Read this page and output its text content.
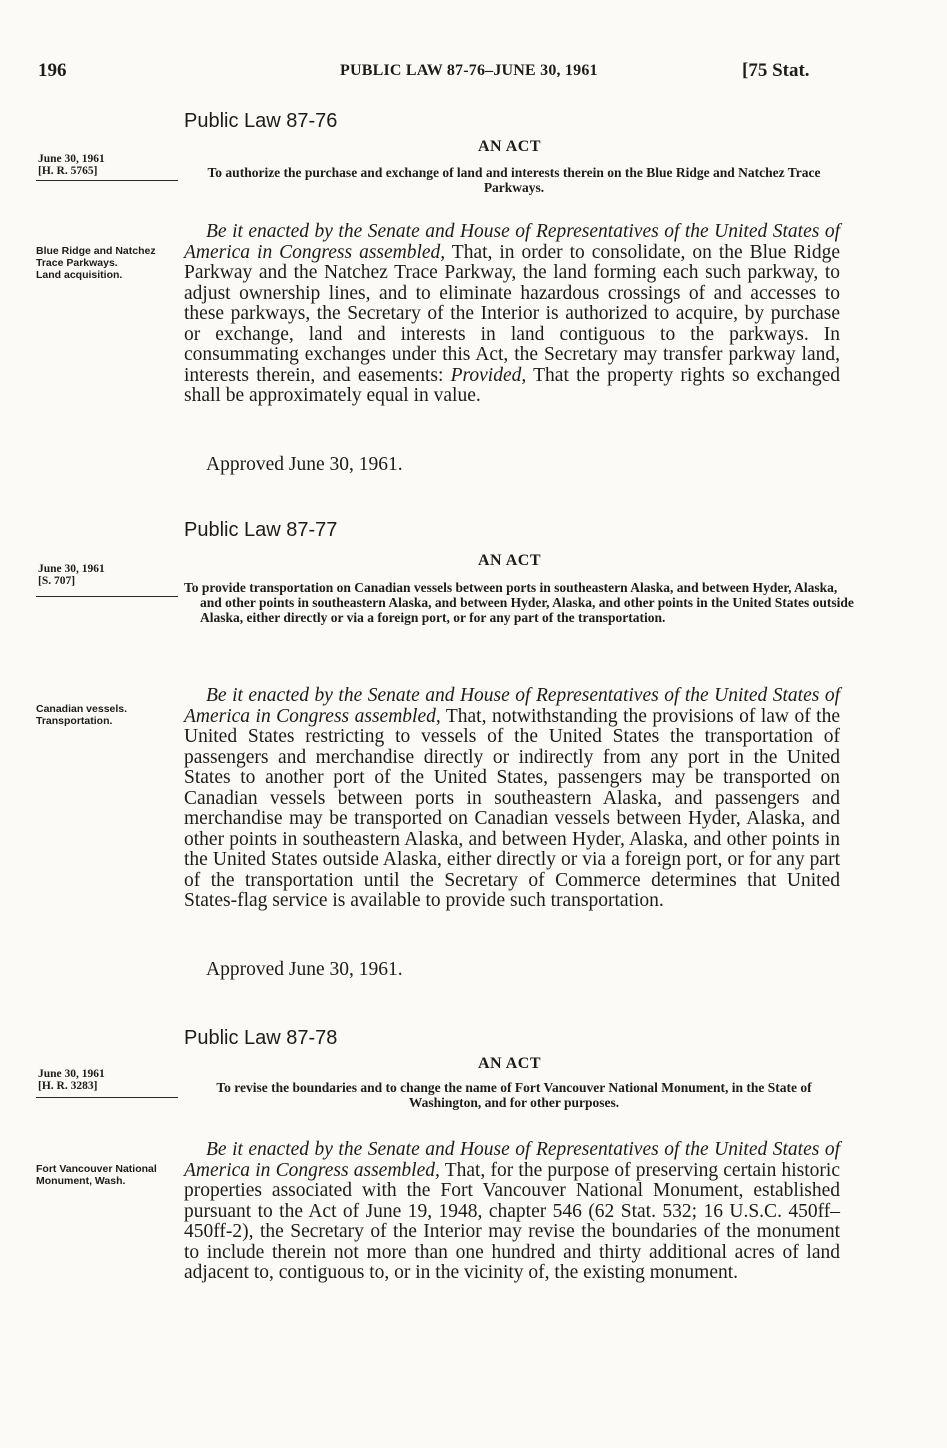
196	PUBLIC LAW 87-76–JUNE 30, 1961	[75 Stat.
Public Law 87-76
AN ACT
June 30, 1961
[H. R. 5765]	To authorize the purchase and exchange of land and interests therein on the Blue Ridge and Natchez Trace Parkways.
Blue Ridge and Natchez Trace Parkways.
Land acquisition.

Be it enacted by the Senate and House of Representatives of the United States of America in Congress assembled, That, in order to consolidate, on the Blue Ridge Parkway and the Natchez Trace Parkway, the land forming each such parkway, to adjust ownership lines, and to eliminate hazardous crossings of and accesses to these parkways, the Secretary of the Interior is authorized to acquire, by purchase or exchange, land and interests in land contiguous to the parkways. In consummating exchanges under this Act, the Secretary may transfer parkway land, interests therein, and easements: Provided, That the property rights so exchanged shall be approximately equal in value.

Approved June 30, 1961.
Public Law 87-77
AN ACT
June 30, 1961
[S. 707]	To provide transportation on Canadian vessels between ports in southeastern Alaska, and between Hyder, Alaska, and other points in southeastern Alaska, and between Hyder, Alaska, and other points in the United States outside Alaska, either directly or via a foreign port, or for any part of the transportation.
Canadian vessels.
Transportation.

Be it enacted by the Senate and House of Representatives of the United States of America in Congress assembled, That, notwithstanding the provisions of law of the United States restricting to vessels of the United States the transportation of passengers and merchandise directly or indirectly from any port in the United States to another port of the United States, passengers may be transported on Canadian vessels between ports in southeastern Alaska, and passengers and merchandise may be transported on Canadian vessels between Hyder, Alaska, and other points in southeastern Alaska, and between Hyder, Alaska, and other points in the United States outside Alaska, either directly or via a foreign port, or for any part of the transportation until the Secretary of Commerce determines that United States-flag service is available to provide such transportation.

Approved June 30, 1961.
Public Law 87-78
AN ACT
June 30, 1961
[H. R. 3283]	To revise the boundaries and to change the name of Fort Vancouver National Monument, in the State of Washington, and for other purposes.
Fort Vancouver National Monument, Wash.

Be it enacted by the Senate and House of Representatives of the United States of America in Congress assembled, That, for the purpose of preserving certain historic properties associated with the Fort Vancouver National Monument, established pursuant to the Act of June 19, 1948, chapter 546 (62 Stat. 532; 16 U.S.C. 450ff–450ff-2), the Secretary of the Interior may revise the boundaries of the monument to include therein not more than one hundred and thirty additional acres of land adjacent to, contiguous to, or in the vicinity of, the existing monument.
